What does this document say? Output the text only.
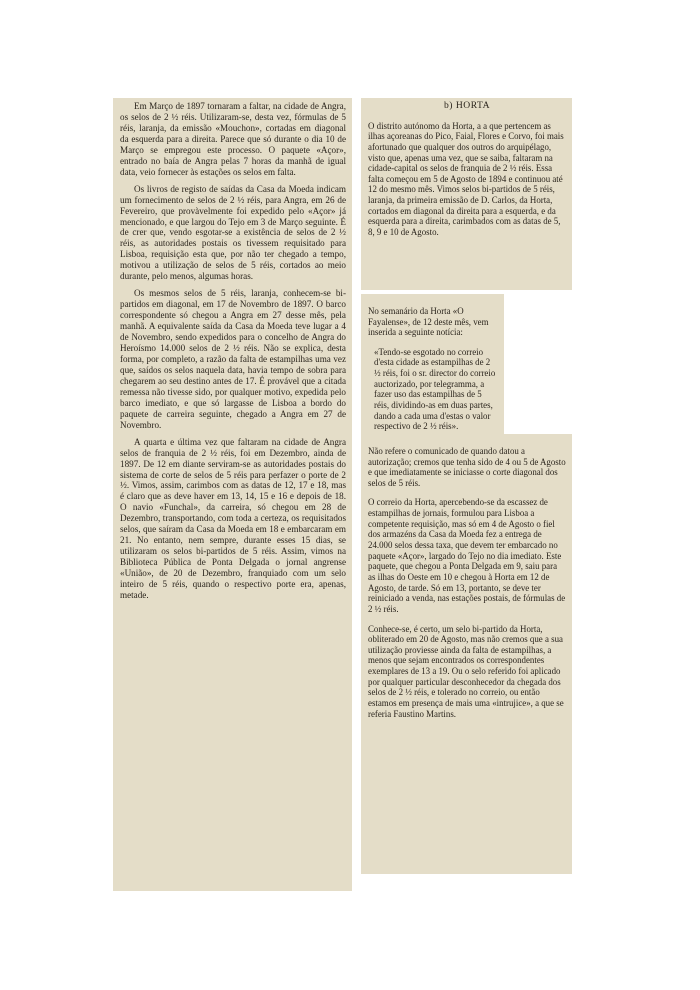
Em Março de 1897 tornaram a faltar, na cidade de Angra, os selos de 2 ½ réis. Utilizaram-se, desta vez, fórmulas de 5 réis, laranja, da emissão «Mouchon», cortadas em diagonal da esquerda para a direita. Parece que só durante o dia 10 de Março se empregou este processo. O paquete «Açor», entrado no baía de Angra pelas 7 horas da manhã de igual data, veio fornecer às estações os selos em falta.

Os livros de registo de saídas da Casa da Moeda indicam um fornecimento de selos de 2 ½ réis, para Angra, em 26 de Fevereiro, que provàvelmente foi expedido pelo «Açor» já mencionado, e que largou do Tejo em 3 de Março seguinte. É de crer que, vendo esgotar-se a existência de selos de 2 ½ réis, as autoridades postais os tivessem requisitado para Lisboa, requisição esta que, por não ter chegado a tempo, motivou a utilização de selos de 5 réis, cortados ao meio durante, pelo menos, algumas horas.

Os mesmos selos de 5 réis, laranja, conhecem-se bi-partidos em diagonal, em 17 de Novembro de 1897. O barco correspondente só chegou a Angra em 27 desse mês, pela manhã. A equivalente saída da Casa da Moeda teve lugar a 4 de Novembro, sendo expedidos para o concelho de Angra do Heroísmo 14.000 selos de 2 ½ réis. Não se explica, desta forma, por completo, a razão da falta de estampilhas uma vez que, saídos os selos naquela data, havia tempo de sobra para chegarem ao seu destino antes de 17. É provável que a citada remessa não tivesse sido, por qualquer motivo, expedida pelo barco imediato, e que só largasse de Lisboa a bordo do paquete de carreira seguinte, chegado a Angra em 27 de Novembro.

A quarta e última vez que faltaram na cidade de Angra selos de franquia de 2 ½ réis, foi em Dezembro, ainda de 1897. De 12 em diante serviram-se as autoridades postais do sistema de corte de selos de 5 réis para perfazer o porte de 2 ½. Vimos, assim, carimbos com as datas de 12, 17 e 18, mas é claro que as deve haver em 13, 14, 15 e 16 e depois de 18. O navio «Funchal», da carreira, só chegou em 28 de Dezembro, transportando, com toda a certeza, os requisitados selos, que saíram da Casa da Moeda em 18 e embarcaram em 21. No entanto, nem sempre, durante esses 15 dias, se utilizaram os selos bi-partidos de 5 réis. Assim, vimos na Biblioteca Pública de Ponta Delgada o jornal angrense «União», de 20 de Dezembro, franquiado com um selo inteiro de 5 réis, quando o respectivo porte era, apenas, metade.

b) HORTA

O distrito autónomo da Horta, a a que pertencem as ilhas açoreanas do Pico, Faial, Flores e Corvo, foi mais afortunado que qualquer dos outros do arquipélago, visto que, apenas uma vez, que se saiba, faltaram na cidade-capital os selos de franquia de 2 ½ réis. Essa falta começou em 5 de Agosto de 1894 e continuou até 12 do mesmo mês. Vimos selos bi-partidos de 5 réis, laranja, da primeira emissão de D. Carlos, da Horta, cortados em diagonal da direita para a esquerda, e da esquerda para a direita, carimbados com as datas de 5, 8, 9 e 10 de Agosto.

No semanário da Horta «O Fayalense», de 12 deste mês, vem inserida a seguinte notícia:

«Tendo-se esgotado no correio d'esta cidade as estampilhas de 2 ½ réis, foi o sr. director do correio auctorizado, por telegramma, a fazer uso das estampilhas de 5 réis, dividindo-as em duas partes, dando a cada uma d'estas o valor respectivo de 2 ½ réis».

Não refere o comunicado de quando datou a autorização; cremos que tenha sido de 4 ou 5 de Agosto e que imediatamente se iniciasse o corte diagonal dos selos de 5 réis.

O correio da Horta, apercebendo-se da escassez de estampilhas de jornais, formulou para Lisboa a competente requisição, mas só em 4 de Agosto o fiel dos armazéns da Casa da Moeda fez a entrega de 24.000 selos dessa taxa, que devem ter embarcado no paquete «Açor», largado do Tejo no dia imediato. Este paquete, que chegou a Ponta Delgada em 9, saiu para as ilhas do Oeste em 10 e chegou à Horta em 12 de Agosto, de tarde. Só em 13, portanto, se deve ter reiniciado a venda, nas estações postais, de fórmulas de 2 ½ réis.

Conhece-se, é certo, um selo bi-partido da Horta, obliterado em 20 de Agosto, mas não cremos que a sua utilização proviesse ainda da falta de estampilhas, a menos que sejam encontrados os correspondentes exemplares de 13 a 19. Ou o selo referido foi aplicado por qualquer particular desconhecedor da chegada dos selos de 2 ½ réis, e tolerado no correio, ou então estamos em presença de mais uma «intrujice», a que se referia Faustino Martins.
